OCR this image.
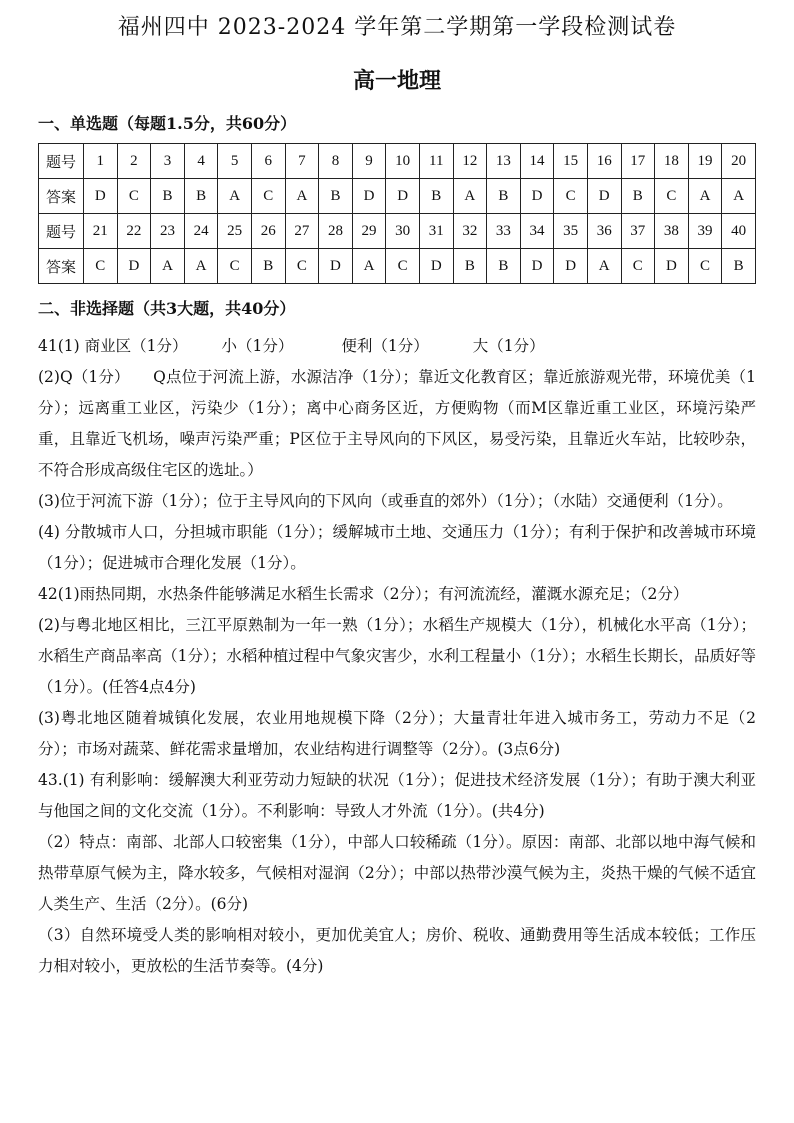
福州四中 2023-2024 学年第二学期第一学段检测试卷
高一地理
一、单选题（每题1.5分，共60分）
题号	1	2	3	4	5	6	7	8	9	10	11	12	13	14	15	16	17	18	19	20
答案	D	C	B	B	A	C	A	B	D	D	B	A	B	D	C	D	B	C	A	A
题号	21	22	23	24	25	26	27	28	29	30	31	32	33	34	35	36	37	38	39	40
答案	C	D	A	A	C	B	C	D	A	C	D	B	B	D	D	A	C	D	C	B
二、非选择题（共3大题，共40分）

41(1) 商业区（1分） 小（1分）	便利（1分）	大（1分）

(2)Q（1分）　　Q点位于河流上游，水源洁净（1分）；靠近文化教育区；靠近旅游观光带，环境优美（1分）；远离重工业区，污染少（1分）；离中心商务区近，方便购物（而M区靠近重工业区，环境污染严重，且靠近飞机场，噪声污染严重；P区位于主导风向的下风区，易受污染，且靠近火车站，比较吵杂，不符合形成高级住宅区的选址。）

(3)位于河流下游（1分）；位于主导风向的下风向（或垂直的郊外）（1分）；（水陆）交通便利（1分）。

(4) 分散城市人口，分担城市职能（1分）；缓解城市土地、交通压力（1分）；有利于保护和改善城市环境（1分）；促进城市合理化发展（1分）。

42(1)雨热同期，水热条件能够满足水稻生长需求（2分）；有河流流经，灌溉水源充足；（2分）

(2)与粤北地区相比，三江平原熟制为一年一熟（1分）；水稻生产规模大（1分），机械化水平高（1分）；水稻生产商品率高（1分）；水稻种植过程中气象灾害少，水利工程量小（1分）；水稻生长期长，品质好等（1分）。(任答4点4分)

(3)粤北地区随着城镇化发展，农业用地规模下降（2分）；大量青壮年进入城市务工，劳动力不足（2分）；市场对蔬菜、鲜花需求量增加，农业结构进行调整等（2分）。(3点6分)

43.(1) 有利影响：缓解澳大利亚劳动力短缺的状况（1分）；促进技术经济发展（1分）；有助于澳大利亚与他国之间的文化交流（1分）。不利影响：导致人才外流（1分）。(共4分)

（2）特点：南部、北部人口较密集（1分），中部人口较稀疏（1分）。原因：南部、北部以地中海气候和热带草原气候为主，降水较多，气候相对湿润（2分）；中部以热带沙漠气候为主，炎热干燥的气候不适宜人类生产、生活（2分）。(6分)

（3）自然环境受人类的影响相对较小，更加优美宜人；房价、税收、通勤费用等生活成本较低；工作压力相对较小，更放松的生活节奏等。(4分)
